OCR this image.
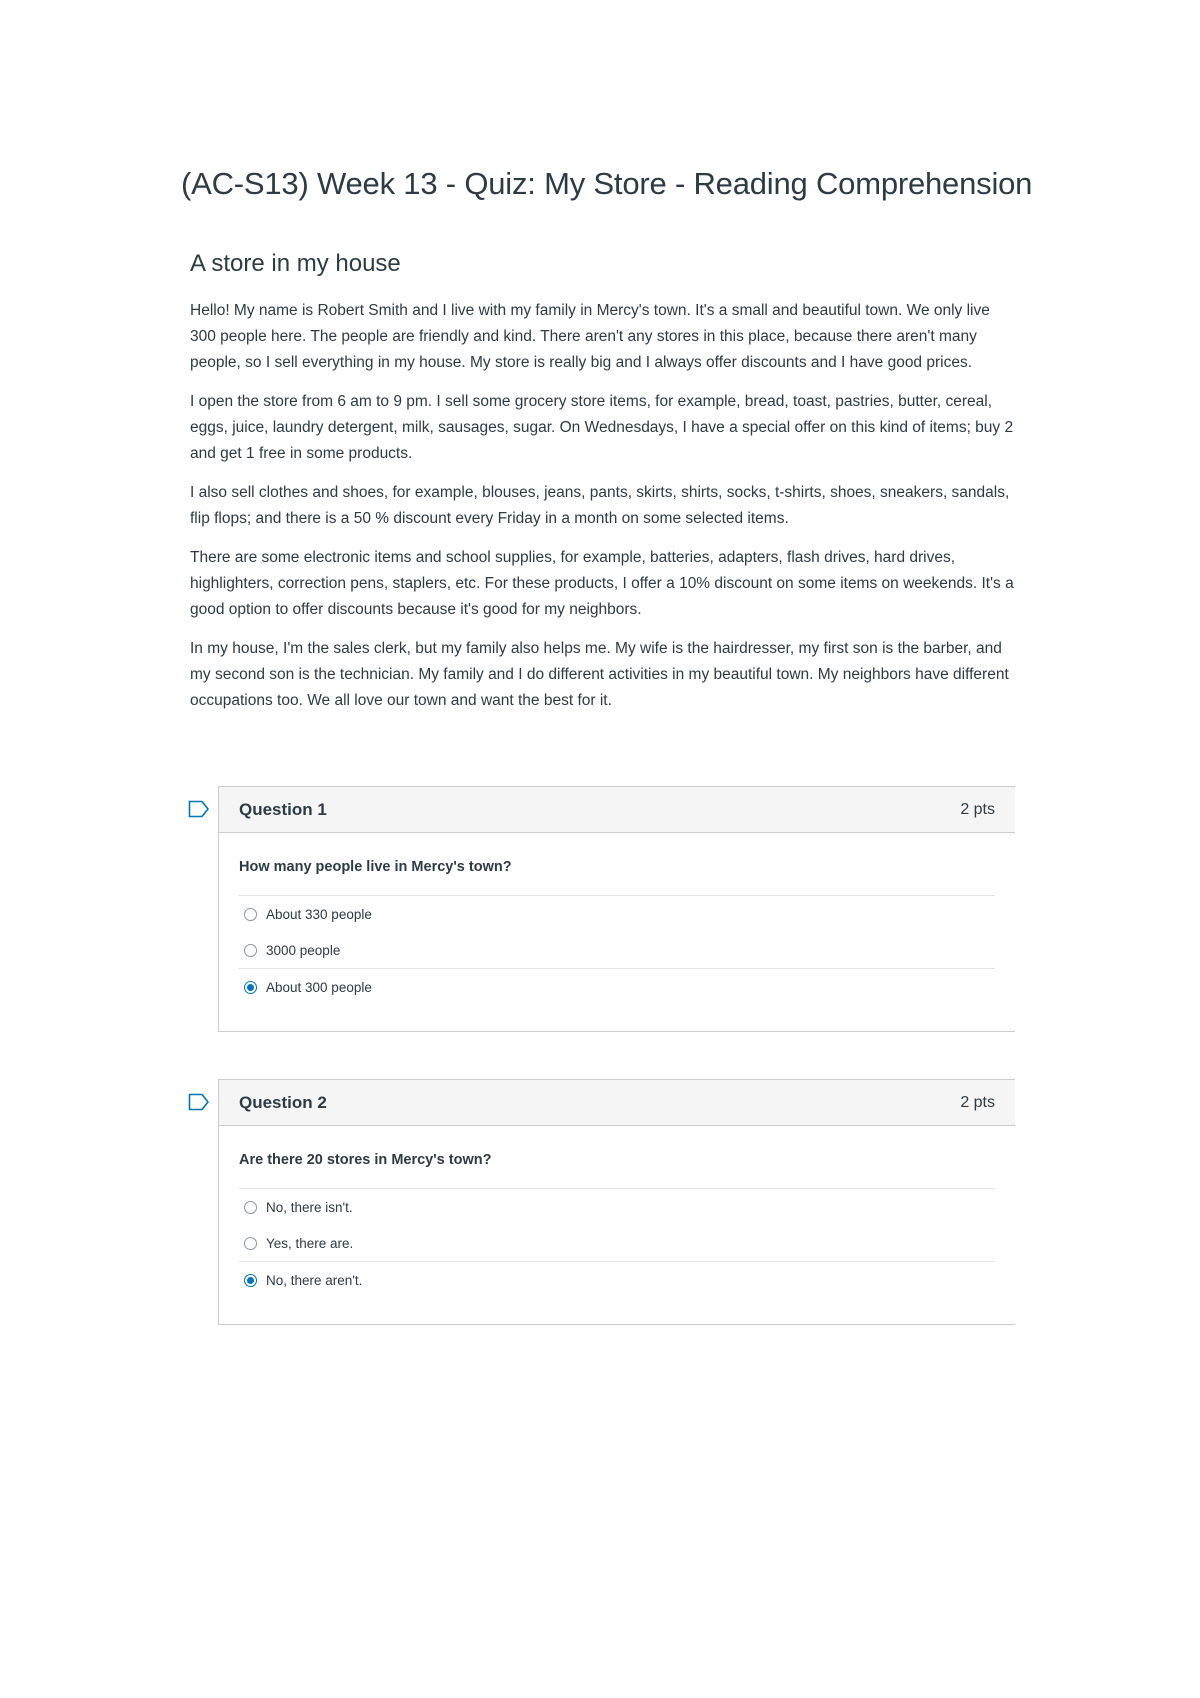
(AC-S13) Week 13 - Quiz: My Store - Reading Comprehension
A store in my house

Hello! My name is Robert Smith and I live with my family in Mercy's town. It's a small and beautiful town. We only live 300 people here. The people are friendly and kind. There aren't any stores in this place, because there aren't many people, so I sell everything in my house. My store is really big and I always offer discounts and I have good prices.

I open the store from 6 am to 9 pm. I sell some grocery store items, for example, bread, toast, pastries, butter, cereal, eggs, juice, laundry detergent, milk, sausages, sugar. On Wednesdays, I have a special offer on this kind of items; buy 2 and get 1 free in some products.

I also sell clothes and shoes, for example, blouses, jeans, pants, skirts, shirts, socks, t-shirts, shoes, sneakers, sandals, flip flops; and there is a 50 % discount every Friday in a month on some selected items.

There are some electronic items and school supplies, for example, batteries, adapters, flash drives, hard drives, highlighters, correction pens, staplers, etc. For these products, I offer a 10% discount on some items on weekends. It's a good option to offer discounts because it's good for my neighbors.

In my house, I'm the sales clerk, but my family also helps me. My wife is the hairdresser, my first son is the barber, and my second son is the technician. My family and I do different activities in my beautiful town. My neighbors have different occupations too. We all love our town and want the best for it.

Question 1	2 pts
How many people live in Mercy's town?
About 330 people
3000 people
About 300 people
Question 2	2 pts
Are there 20 stores in Mercy's town?
No, there isn't.
Yes, there are.
No, there aren't.
